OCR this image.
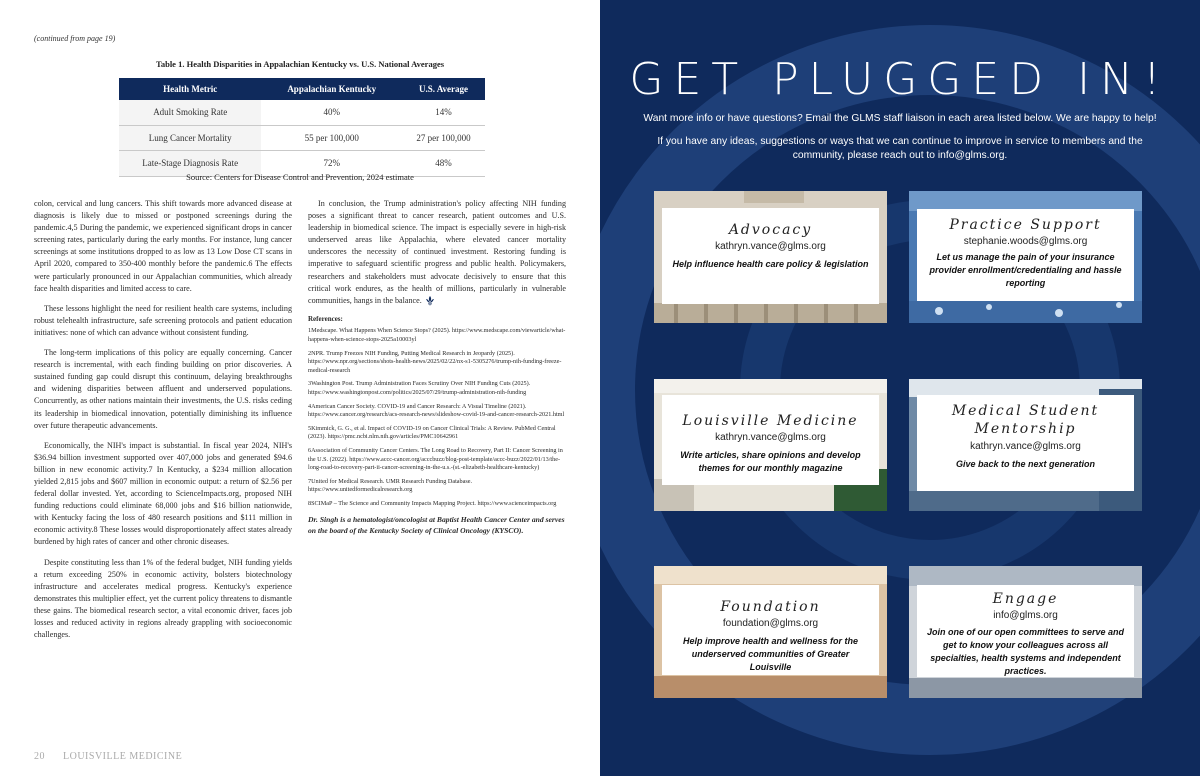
(continued from page 19)
Table 1. Health Disparities in Appalachian Kentucky vs. U.S. National Averages
Health Metric	Appalachian Kentucky	U.S. Average
Adult Smoking Rate	40%	14%
Lung Cancer Mortality	55 per 100,000	27 per 100,000
Late-Stage Diagnosis Rate	72%	48%
Source: Centers for Disease Control and Prevention, 2024 estimate

colon, cervical and lung cancers. This shift towards more advanced disease at diagnosis is likely due to missed or postponed screenings during the pandemic.4,5 During the pandemic, we experienced significant drops in cancer screening rates, particularly during the early months. For instance, lung cancer screenings at some institutions dropped to as low as 13 Low Dose CT scans in April 2020, compared to 350-400 monthly before the pandemic.6 The effects were particularly pronounced in our Appalachian communities, which already face health disparities and limited access to care.

These lessons highlight the need for resilient health care systems, including robust telehealth infrastructure, safe screening protocols and patient education initiatives: none of which can advance without consistent funding.

The long-term implications of this policy are equally concerning. Cancer research is incremental, with each finding building on prior discoveries. A sustained funding gap could disrupt this continuum, delaying breakthroughs and widening disparities between affluent and underserved populations. Concurrently, as other nations maintain their investments, the U.S. risks ceding its leadership in biomedical innovation, potentially diminishing its influence over future therapeutic advancements.

Economically, the NIH's impact is substantial. In fiscal year 2024, NIH's $36.94 billion investment supported over 407,000 jobs and generated $94.6 billion in new economic activity.7 In Kentucky, a $234 million allocation yielded 2,815 jobs and $607 million in economic output: a return of $2.56 per federal dollar invested. Yet, according to ScienceImpacts.org, proposed NIH funding reductions could eliminate 68,000 jobs and $16 billion nationwide, with Kentucky facing the loss of 480 research positions and $111 million in economic activity.8 These losses would disproportionately affect states already burdened by high rates of cancer and other chronic diseases.

Despite constituting less than 1% of the federal budget, NIH funding yields a return exceeding 250% in economic activity, bolsters biotechnology infrastructure and accelerates medical progress. Kentucky's experience demonstrates this multiplier effect, yet the current policy threatens to dismantle these gains. The biomedical research sector, a vital economic driver, faces job losses and reduced activity in regions already grappling with socioeconomic challenges.

In conclusion, the Trump administration's policy affecting NIH funding poses a significant threat to cancer research, patient outcomes and U.S. leadership in biomedical science. The impact is especially severe in high-risk underserved areas like Appalachia, where elevated cancer mortality underscores the necessity of continued investment. Restoring funding is imperative to safeguard scientific progress and public health. Policymakers, researchers and stakeholders must advocate decisively to ensure that this critical work endures, as the health of millions, particularly in vulnerable communities, hangs in the balance.

References:
1Medscape. What Happens When Science Stops? (2025). https://www.medscape.com/viewarticle/what-happens-when-science-stops-2025a10003yl
2NPR. Trump Freezes NIH Funding, Putting Medical Research in Jeopardy (2025). https://www.npr.org/sections/shots-health-news/2025/02/22/nx-s1-5305276/trump-nih-funding-freeze-medical-research
3Washington Post. Trump Administration Faces Scrutiny Over NIH Funding Cuts (2025). https://www.washingtonpost.com/politics/2025/07/29/trump-administration-nih-funding
4American Cancer Society. COVID-19 and Cancer Research: A Visual Timeline (2021). https://www.cancer.org/research/acs-research-news/slideshow-covid-19-and-cancer-research-2021.html
5Kimmick, G. G., et al. Impact of COVID-19 on Cancer Clinical Trials: A Review. PubMed Central (2023). https://pmc.ncbi.nlm.nih.gov/articles/PMC10642961
6Association of Community Cancer Centers. The Long Road to Recovery, Part II: Cancer Screening in the U.S. (2022). https://www.accc-cancer.org/acccbuzz/blog-post-template/accc-buzz/2022/01/13/the-long-road-to-recovery-part-ii-cancer-screening-in-the-u.s.-(st.-elizabeth-healthcare-kentucky)
7United for Medical Research. UMR Research Funding Database. https://www.unitedformedicalresearch.org
8SCIMaP – The Science and Community Impacts Mapping Project. https://www.scienceimpacts.org
Dr. Singh is a hematologist/oncologist at Baptist Health Cancer Center and serves on the board of the Kentucky Society of Clinical Oncology (KYSCO).
20 LOUISVILLE MEDICINE
GET PLUGGED IN!
Want more info or have questions? Email the GLMS staff liaison in each area listed below. We are happy to help!
If you have any ideas, suggestions or ways that we can continue to improve in service to members and the community, please reach out to info@glms.org.
Advocacy
kathryn.vance@glms.org
Help influence health care policy & legislation
Practice Support
stephanie.woods@glms.org
Let us manage the pain of your insurance provider enrollment/credentialing and hassle reporting
Louisville Medicine
kathryn.vance@glms.org
Write articles, share opinions and develop themes for our monthly magazine
Medical Student Mentorship
kathryn.vance@glms.org
Give back to the next generation
Foundation
foundation@glms.org
Help improve health and wellness for the underserved communities of Greater Louisville
Engage
info@glms.org
Join one of our open committees to serve and get to know your colleagues across all specialties, health systems and independent practices.
